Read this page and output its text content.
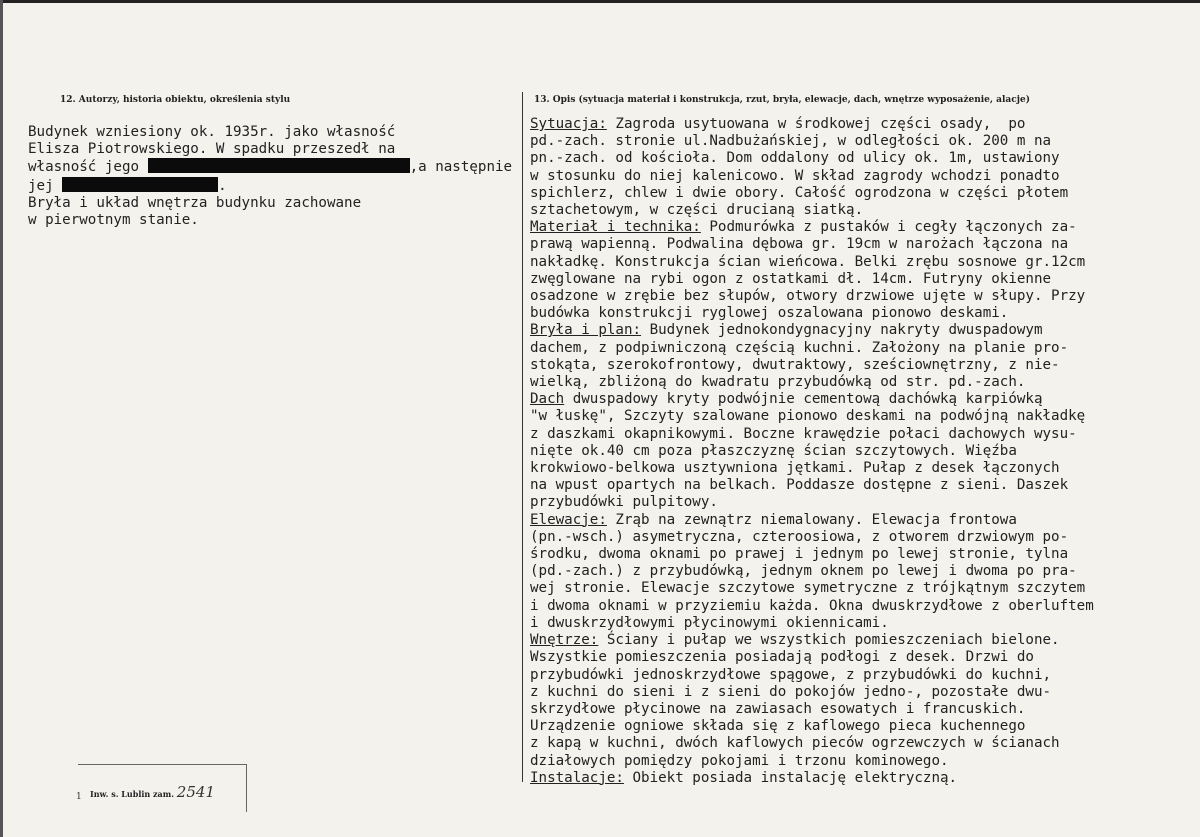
12. Autorzy, historia obiektu, określenia stylu	13. Opis (sytuacja materiał i konstrukcja, rzut, bryła, elewacje, dach, wnętrze wyposażenie, alacje)
Budynek wzniesiony ok. 1935r. jako własność
Elisza Piotrowskiego. W spadku przeszedł na
własność jego	,a następnie
jej	.
Bryła i układ wnętrza budynku zachowane
w pierwotnym stanie.
Sytuacja: Zagroda usytuowana w środkowej części osady,  po
pd.-zach. stronie ul.Nadbużańskiej, w odległości ok. 200 m na
pn.-zach. od kościoła. Dom oddalony od ulicy ok. 1m, ustawiony
w stosunku do niej kalenicowo. W skład zagrody wchodzi ponadto
spichlerz, chlew i dwie obory. Całość ogrodzona w części płotem
sztachetowym, w części drucianą siatką.
Materiał i technika: Podmurówka z pustaków i cegły łączonych za-
prawą wapienną. Podwalina dębowa gr. 19cm w narożach łączona na
nakładkę. Konstrukcja ścian wieńcowa. Belki zrębu sosnowe gr.12cm
zwęglowane na rybi ogon z ostatkami dł. 14cm. Futryny okienne
osadzone w zrębie bez słupów, otwory drzwiowe ujęte w słupy. Przy
budówka konstrukcji ryglowej oszalowana pionowo deskami.
Bryła i plan: Budynek jednokondygnacyjny nakryty dwuspadowym
dachem, z podpiwniczoną częścią kuchni. Założony na planie pro-
stokąta, szerokofrontowy, dwutraktowy, sześciownętrzny, z nie-
wielką, zbliżoną do kwadratu przybudówką od str. pd.-zach.
Dach dwuspadowy kryty podwójnie cementową dachówką karpiówką
"w łuskę", Szczyty szalowane pionowo deskami na podwójną nakładkę
z daszkami okapnikowymi. Boczne krawędzie połaci dachowych wysu-
nięte ok.40 cm poza płaszczyznę ścian szczytowych. Więźba
krokwiowo-belkowa usztywniona jętkami. Pułap z desek łączonych
na wpust opartych na belkach. Poddasze dostępne z sieni. Daszek
przybudówki pulpitowy.
Elewacje: Zrąb na zewnątrz niemalowany. Elewacja frontowa
(pn.-wsch.) asymetryczna, czteroosiowa, z otworem drzwiowym po-
środku, dwoma oknami po prawej i jednym po lewej stronie, tylna
(pd.-zach.) z przybudówką, jednym oknem po lewej i dwoma po pra-
wej stronie. Elewacje szczytowe symetryczne z trójkątnym szczytem
i dwoma oknami w przyziemiu każda. Okna dwuskrzydłowe z oberluftem
i dwuskrzydłowymi płycinowymi okiennicami.
Wnętrze: Ściany i pułap we wszystkich pomieszczeniach bielone.
Wszystkie pomieszczenia posiadają podłogi z desek. Drzwi do
przybudówki jednoskrzydłowe spągowe, z przybudówki do kuchni,
z kuchni do sieni i z sieni do pokojów jedno-, pozostałe dwu-
skrzydłowe płycinowe na zawiasach esowatych i francuskich.
Urządzenie ogniowe składa się z kaflowego pieca kuchennego
z kapą w kuchni, dwóch kaflowych pieców ogrzewczych w ścianach
działowych pomiędzy pokojami i trzonu kominowego.
Instalacje: Obiekt posiada instalację elektryczną.
Inw. s. Lublin zam. 2541
1
